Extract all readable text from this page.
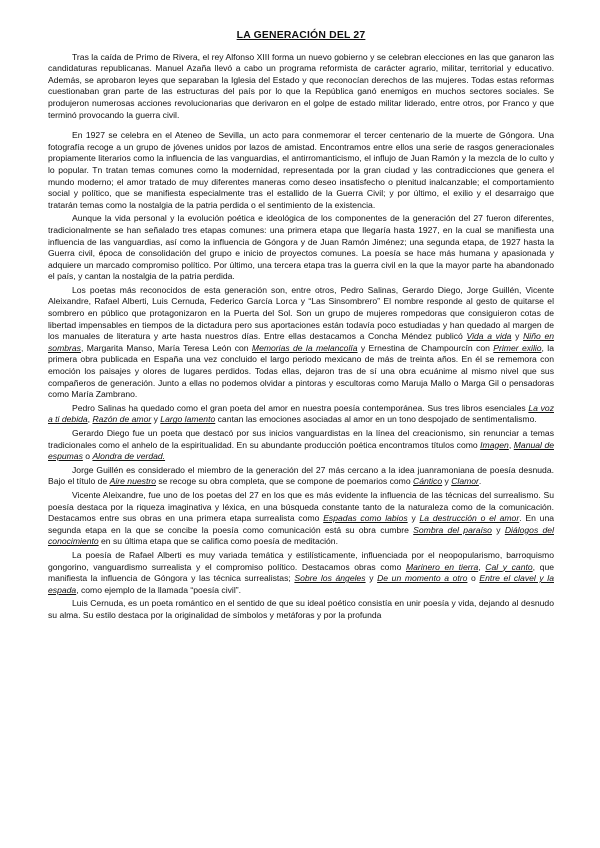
LA GENERACIÓN DEL 27

Tras la caída de Primo de Rivera, el rey Alfonso XIII forma un nuevo gobierno y se celebran elecciones en las que ganaron las candidaturas republicanas. Manuel Azaña llevó a cabo un programa reformista de carácter agrario, militar, territorial y educativo. Además, se aprobaron leyes que separaban la Iglesia del Estado y que reconocían derechos de las mujeres. Todas estas reformas cuestionaban gran parte de las estructuras del país por lo que la República ganó enemigos en muchos sectores sociales. Se produjeron numerosas acciones revolucionarias que derivaron en el golpe de estado militar liderado, entre otros, por Franco y que terminó provocando la guerra civil.

En 1927 se celebra en el Ateneo de Sevilla, un acto para conmemorar el tercer centenario de la muerte de Góngora. Una fotografía recoge a un grupo de jóvenes unidos por lazos de amistad. Encontramos entre ellos una serie de rasgos generacionales propiamente literarios como la influencia de las vanguardias, el antirromanticismo, el influjo de Juan Ramón y la mezcla de lo culto y lo popular. Tn tratan temas comunes como la modernidad, representada por la gran ciudad y las contradicciones que genera el mundo moderno; el amor tratado de muy diferentes maneras como deseo insatisfecho o plenitud inalcanzable; el comportamiento social y político, que se manifiesta especialmente tras el estallido de la Guerra Civil; y por último, el exilio y el desarraigo que tratarán temas como la nostalgia de la patria perdida o el sentimiento de la existencia.

Aunque la vida personal y la evolución poética e ideológica de los componentes de la generación del 27 fueron diferentes, tradicionalmente se han señalado tres etapas comunes: una primera etapa que llegaría hasta 1927, en la cual se manifiesta una influencia de las vanguardias, así como la influencia de Góngora y de Juan Ramón Jiménez; una segunda etapa, de 1927 hasta la Guerra civil, época de consolidación del grupo e inicio de proyectos comunes. La poesía se hace más humana y apasionada y adquiere un marcado compromiso político. Por último, una tercera etapa tras la guerra civil en la que la mayor parte ha abandonado el país, y cantan la nostalgia de la patria perdida.

Los poetas más reconocidos de esta generación son, entre otros, Pedro Salinas, Gerardo Diego, Jorge Guillén, Vicente Aleixandre, Rafael Alberti, Luis Cernuda, Federico García Lorca y “Las Sinsombrero” El nombre responde al gesto de quitarse el sombrero en público que protagonizaron en la Puerta del Sol. Son un grupo de mujeres rompedoras que consiguieron cotas de libertad impensables en tiempos de la dictadura pero sus aportaciones están todavía poco estudiadas y han quedado al margen de los manuales de literatura y arte hasta nuestros días. Entre ellas destacamos a Concha Méndez publicó Vida a vida y Niño en sombras, Margarita Manso, María Teresa León con Memorias de la melancolía y Ernestina de Champourcín con Primer exilio, la primera obra publicada en España una vez concluido el largo periodo mexicano de más de treinta años. En él se rememora con emoción los paisajes y olores de lugares perdidos. Todas ellas, dejaron tras de sí una obra ecuánime al mismo nivel que sus compañeros de generación. Junto a ellas no podemos olvidar a pintoras y escultoras como Maruja Mallo o Marga Gil o pensadoras como María Zambrano.

Pedro Salinas ha quedado como el gran poeta del amor en nuestra poesía contemporánea. Sus tres libros esenciales La voz a ti debida, Razón de amor y Largo lamento cantan las emociones asociadas al amor en un tono despojado de sentimentalismo.

Gerardo Diego fue un poeta que destacó por sus inicios vanguardistas en la línea del creacionismo, sin renunciar a temas tradicionales como el anhelo de la espiritualidad. En su abundante producción poética encontramos títulos como Imagen, Manual de espumas o Alondra de verdad.

Jorge Guillén es considerado el miembro de la generación del 27 más cercano a la idea juanramoniana de poesía desnuda. Bajo el título de Aire nuestro se recoge su obra completa, que se compone de poemarios como Cántico y Clamor.

Vicente Aleixandre, fue uno de los poetas del 27 en los que es más evidente la influencia de las técnicas del surrealismo. Su poesía destaca por la riqueza imaginativa y léxica, en una búsqueda constante tanto de la naturaleza como de la comunicación. Destacamos entre sus obras en una primera etapa surrealista como Espadas como labios y La destrucción o el amor. En una segunda etapa en la que se concibe la poesía como comunicación está su obra cumbre Sombra del paraíso y Diálogos del conocimiento en su última etapa que se califica como poesía de meditación.

La poesía de Rafael Alberti es muy variada temática y estilísticamente, influenciada por el neopopularismo, barroquismo gongorino, vanguardismo surrealista y el compromiso político. Destacamos obras como Marinero en tierra, Cal y canto, que manifiesta la influencia de Góngora y las técnica surrealistas; Sobre los ángeles y De un momento a otro o Entre el clavel y la espada, como ejemplo de la llamada “poesía civil”.

Luis Cernuda, es un poeta romántico en el sentido de que su ideal poético consistía en unir poesía y vida, dejando al desnudo su alma. Su estilo destaca por la originalidad de símbolos y metáforas y por la profunda
